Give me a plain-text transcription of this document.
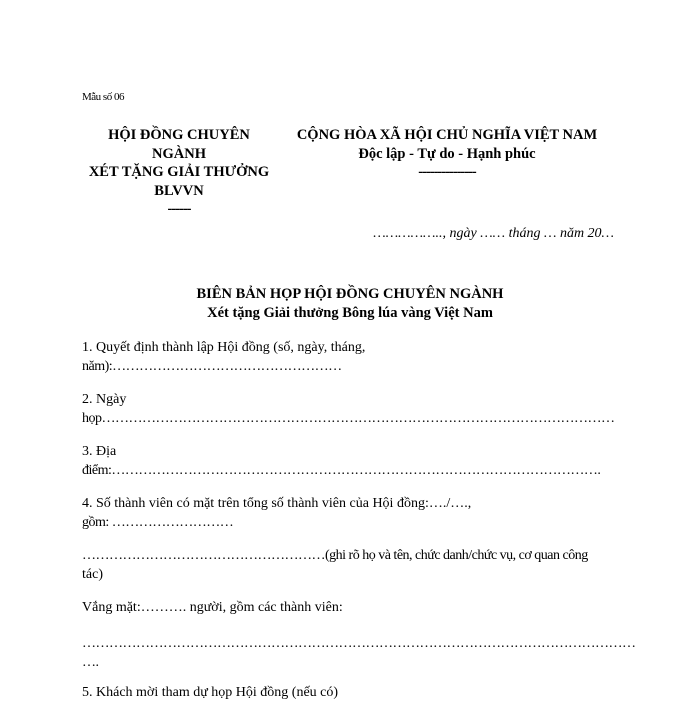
Mẫu số 06
HỘI ĐỒNG CHUYÊN
NGÀNH
XÉT TẶNG GIẢI THƯỞNG
BLVVN
------
CỘNG HÒA XÃ HỘI CHỦ NGHĨA VIỆT NAM
Độc lập - Tự do - Hạnh phúc
---------------
…………….., ngày …… tháng … năm 20…
BIÊN BẢN HỌP HỘI ĐỒNG CHUYÊN NGÀNH
Xét tặng Giải thưởng Bông lúa vàng Việt Nam
1. Quyết định thành lập Hội đồng (số, ngày, tháng,
năm):……………………………………………
2. Ngày
họp……………………………………………………………………………………………………
3. Địa
điểm:……………………………………………………………………………………………….
4. Số thành viên có mặt trên tổng số thành viên của Hội đồng:…./….,
gồm: ………………………
………………………………………………(ghi rõ họ và tên, chức danh/chức vụ, cơ quan công
tác)
Vắng mặt:………. người, gồm các thành viên:
……………………………………………………………………………………………………………
….
5. Khách mời tham dự họp Hội đồng (nếu có)
